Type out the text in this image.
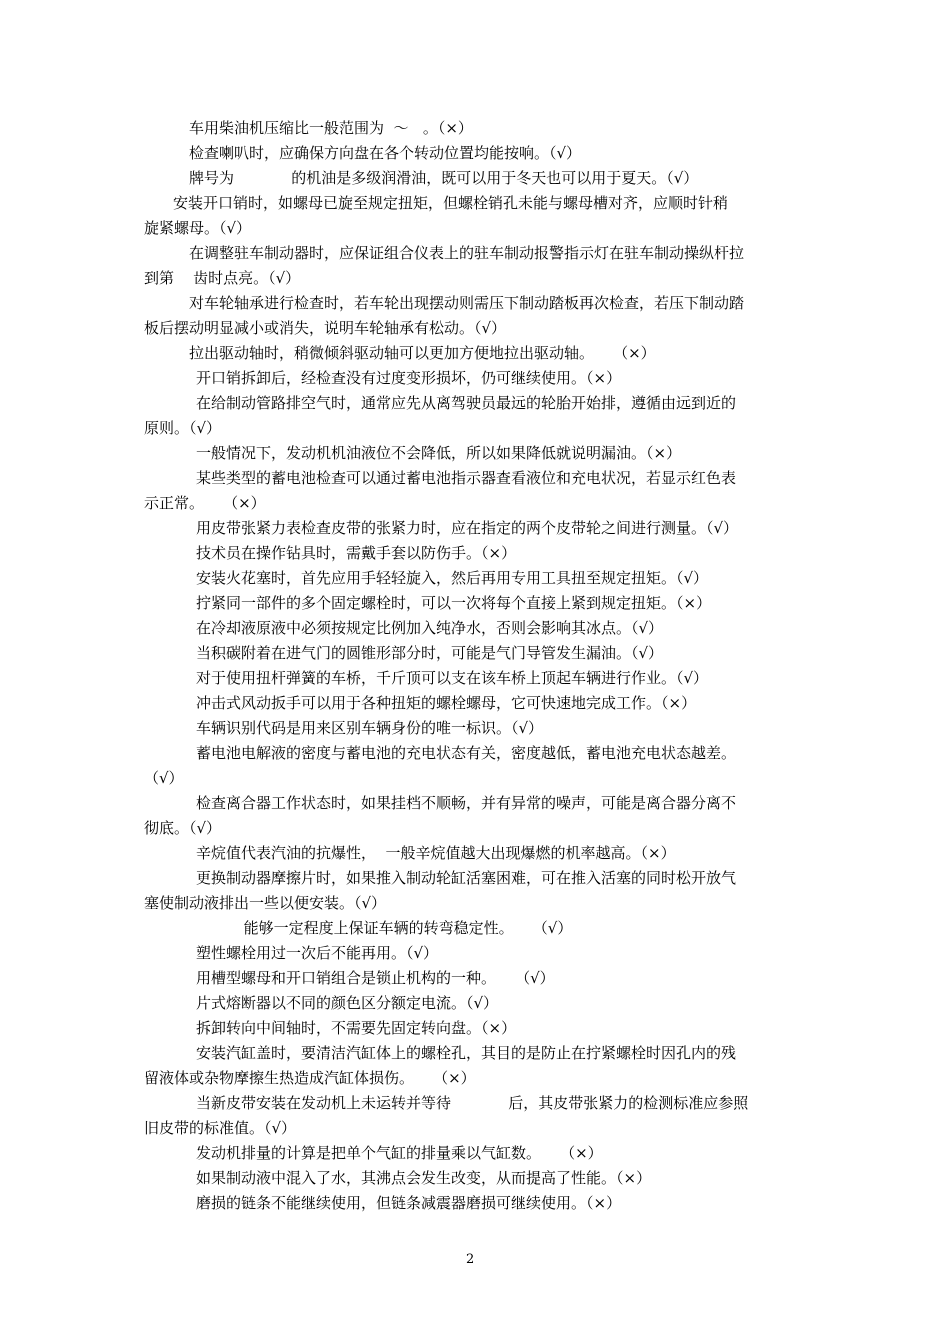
车用柴油机压缩比一般范围为  ～   。（×）
检查喇叭时，应确保方向盘在各个转动位置均能按响。（√）
牌号为            的机油是多级润滑油，既可以用于冬天也可以用于夏天。（√）
安装开口销时，如螺母已旋至规定扭矩，但螺栓销孔未能与螺母槽对齐，应顺时针稍
旋紧螺母。（√）
在调整驻车制动器时，应保证组合仪表上的驻车制动报警指示灯在驻车制动操纵杆拉
到第    齿时点亮。（√）
对车轮轴承进行检查时，若车轮出现摆动则需压下制动踏板再次检查，若压下制动踏
板后摆动明显减小或消失，说明车轮轴承有松动。（√）
拉出驱动轴时，稍微倾斜驱动轴可以更加方便地拉出驱动轴。    （×）
开口销拆卸后，经检查没有过度变形损坏，仍可继续使用。（×）
在给制动管路排空气时，通常应先从离驾驶员最远的轮胎开始排，遵循由远到近的
原则。（√）
一般情况下，发动机机油液位不会降低，所以如果降低就说明漏油。（×）
某些类型的蓄电池检查可以通过蓄电池指示器查看液位和充电状况，若显示红色表
示正常。    （×）
用皮带张紧力表检查皮带的张紧力时，应在指定的两个皮带轮之间进行测量。（√）
技术员在操作钻具时，需戴手套以防伤手。（×）
安装火花塞时，首先应用手轻轻旋入，然后再用专用工具扭至规定扭矩。（√）
拧紧同一部件的多个固定螺栓时，可以一次将每个直接上紧到规定扭矩。（×）
在冷却液原液中必须按规定比例加入纯净水，否则会影响其冰点。（√）
当积碳附着在进气门的圆锥形部分时，可能是气门导管发生漏油。（√）
对于使用扭杆弹簧的车桥，千斤顶可以支在该车桥上顶起车辆进行作业。（√）
冲击式风动扳手可以用于各种扭矩的螺栓螺母，它可快速地完成工作。（×）
车辆识别代码是用来区别车辆身份的唯一标识。（√）
蓄电池电解液的密度与蓄电池的充电状态有关，密度越低，蓄电池充电状态越差。
（√）
检查离合器工作状态时，如果挂档不顺畅，并有异常的噪声，可能是离合器分离不
彻底。（√）
辛烷值代表汽油的抗爆性，  一般辛烷值越大出现爆燃的机率越高。（×）
更换制动器摩擦片时，如果推入制动轮缸活塞困难，可在推入活塞的同时松开放气
塞使制动液排出一些以便安装。（√）
能够一定程度上保证车辆的转弯稳定性。    （√）
塑性螺栓用过一次后不能再用。（√）
用槽型螺母和开口销组合是锁止机构的一种。    （√）
片式熔断器以不同的颜色区分额定电流。（√）
拆卸转向中间轴时，不需要先固定转向盘。（×）
安装汽缸盖时，要清洁汽缸体上的螺栓孔，其目的是防止在拧紧螺栓时因孔内的残
留液体或杂物摩擦生热造成汽缸体损伤。    （×）
当新皮带安装在发动机上未运转并等待            后，其皮带张紧力的检测标准应参照
旧皮带的标准值。（√）
发动机排量的计算是把单个气缸的排量乘以气缸数。    （×）
如果制动液中混入了水，其沸点会发生改变，从而提高了性能。（×）
磨损的链条不能继续使用，但链条减震器磨损可继续使用。（×）
2
